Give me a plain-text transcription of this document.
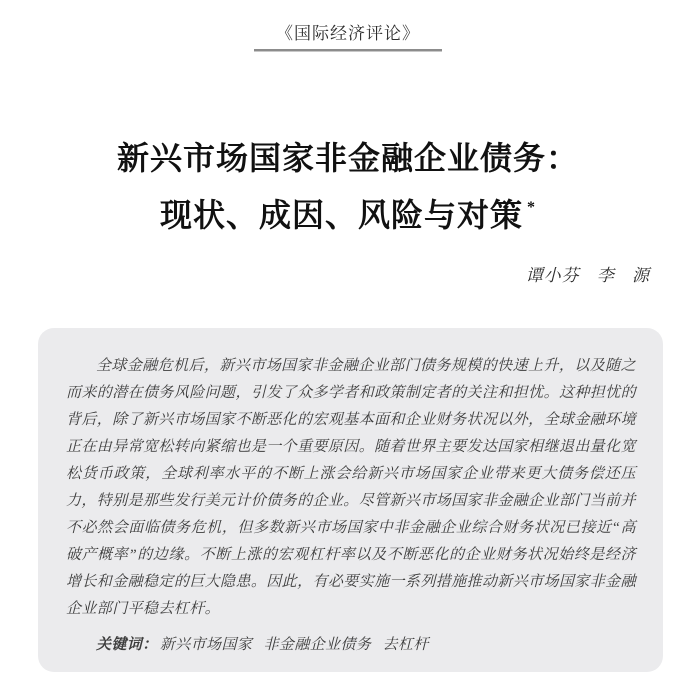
《国际经济评论》
新兴市场国家非金融企业债务：
现状、成因、风险与对策 *
谭小芬 李 源

全球金融危机后，新兴市场国家非金融企业部门债务规模的快速上升，以及随之而来的潜在债务风险问题，引发了众多学者和政策制定者的关注和担忧。这种担忧的背后，除了新兴市场国家不断恶化的宏观基本面和企业财务状况以外，全球金融环境正在由异常宽松转向紧缩也是一个重要原因。随着世界主要发达国家相继退出量化宽松货币政策，全球利率水平的不断上涨会给新兴市场国家企业带来更大债务偿还压力，特别是那些发行美元计价债务的企业。尽管新兴市场国家非金融企业部门当前并不必然会面临债务危机，但多数新兴市场国家中非金融企业综合财务状况已接近“高破产概率”的边缘。不断上涨的宏观杠杆率以及不断恶化的企业财务状况始终是经济增长和金融稳定的巨大隐患。因此，有必要实施一系列措施推动新兴市场国家非金融企业部门平稳去杠杆。

关键词： 新兴市场国家 非金融企业债务 去杠杆
